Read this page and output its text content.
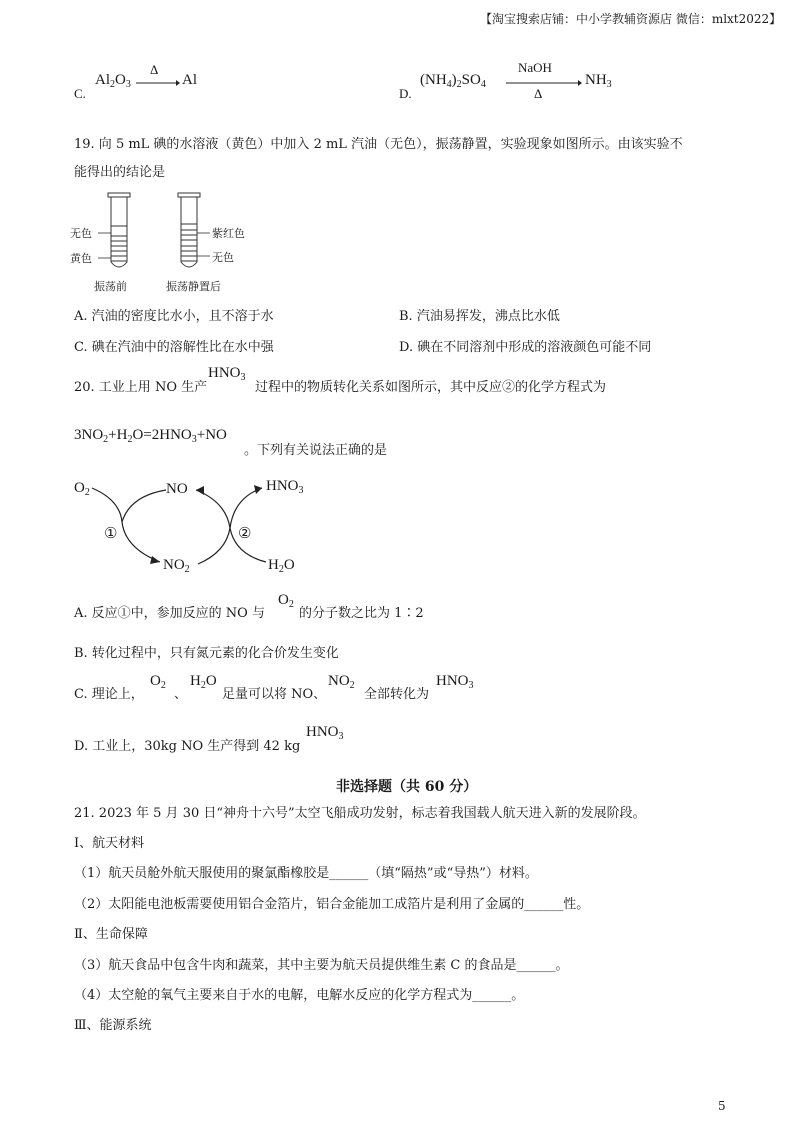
【淘宝搜索店铺：中小学教辅资源店 微信：mlxt2022】
C.
$Al_2O_3$
Δ
Al
D.
$(NH_4)_2SO_4$
NaOH
Δ
$NH_3$
19. 向 5 mL 碘的水溶液（黄色）中加入 2 mL 汽油（无色），振荡静置，实验现象如图所示。由该实验不
能得出的结论是
无色
黄色
紫红色
无色
振荡前	振荡静置后
A. 汽油的密度比水小，且不溶于水	B. 汽油易挥发，沸点比水低
C. 碘在汽油中的溶解性比在水中强	D. 碘在不同溶剂中形成的溶液颜色可能不同
20. 工业上用 NO 生产
$HNO_3$
过程中的物质转化关系如图所示，其中反应②的化学方程式为
$3NO_2+H_2O=2HNO_3+NO$
。下列有关说法正确的是
$O_2$	NO	$HNO_3$
①	②
$NO_2$	$H_2O$
A. 反应①中，参加反应的 NO 与
$O_2$
的分子数之比为 1∶2
B. 转化过程中，只有氮元素的化合价发生变化
C. 理论上，
$O_2$
、
$H_2O$
足量可以将 NO、
$NO_2$
全部转化为
$HNO_3$
D. 工业上，30kg NO 生产得到 42 kg
$HNO_3$
非选择题（共 60 分）
21. 2023 年 5 月 30 日“神舟十六号”太空飞船成功发射，标志着我国载人航天进入新的发展阶段。
Ⅰ、航天材料
（1）航天员舱外航天服使用的聚氯酯橡胶是______（填“隔热”或“导热”）材料。
（2）太阳能电池板需要使用铝合金箔片，铝合金能加工成箔片是利用了金属的______性。
Ⅱ、生命保障
（3）航天食品中包含牛肉和蔬菜，其中主要为航天员提供维生素 C 的食品是______。
（4）太空舱的氧气主要来自于水的电解，电解水反应的化学方程式为______。
Ⅲ、能源系统
5
